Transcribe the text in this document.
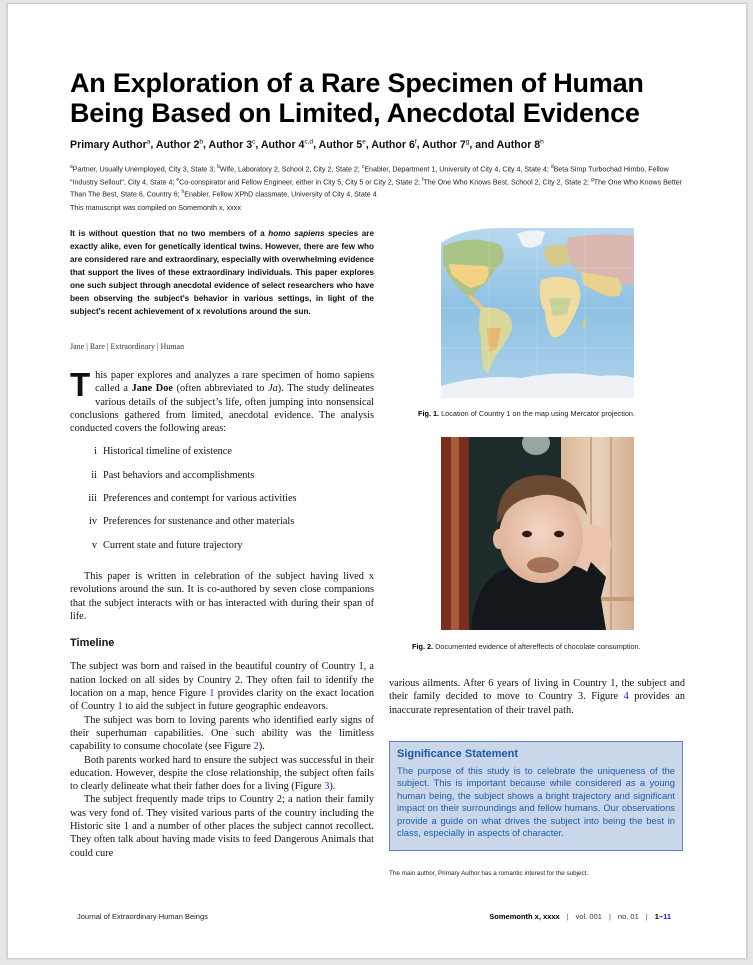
An Exploration of a Rare Specimen of Human Being Based on Limited, Anecdotal Evidence
Primary Author$^a$, Author 2$^b$, Author 3$^c$, Author 4$^{c,d}$, Author 5e, Author 6$^f$, Author 7$^g$, and Author 8$^h$
$^a$Partner, Usually Unemployed, City 3, State 3; $^b$Wife, Laboratory 2, School 2, City 2, State 2; $^c$Enabler, Department 1, University of City 4, City 4, State 4; $^d$Beta Simp Turbochad Himbo, Fellow "Industry Sellout", City 4, State 4; $^e$Co-conspirator and Fellow Engineer, either in City 5, City 5 or City 2, State 2; $^f$The One Who Knows Best, School 2, City 2, State 2; $^g$The One Who Knows Better Than The Best, State 6, Country 6; $^h$Enabler, Fellow XPhD classmate, University of City 4, State 4
This manuscript was compiled on Somemonth x, xxxx
It is without question that no two members of a homo sapiens species are exactly alike, even for genetically identical twins. However, there are few who are considered rare and extraordinary, especially with overwhelming evidence that support the lives of these extraordinary individuals. This paper explores one such subject through anecdotal evidence of select researchers who have been observing the subject's behavior in various settings, in light of the subject's recent achievement of x revolutions around the sun.
Jane | Rare | Extraordinary | Human

This paper explores and analyzes a rare specimen of homo sapiens called a Jane Doe (often abbreviated to Ja). The study delineates various details of the subject’s life, often jumping into nonsensical conclusions gathered from limited, anecdotal evidence. The analysis conducted covers the following areas:

i Historical timeline of existence
ii Past behaviors and accomplishments
iii Preferences and contempt for various activities
iv Preferences for sustenance and other materials
v Current state and future trajectory

This paper is written in celebration of the subject having lived x revolutions around the sun. It is co-authored by seven close companions that the subject interacts with or has interacted with during their span of life.

Timeline

The subject was born and raised in the beautiful country of Country 1, a nation locked on all sides by Country 2. They often fail to identify the location on a map, hence Figure 1 provides clarity on the exact location of Country 1 to aid the subject in future geographic endeavors.

The subject was born to loving parents who identified early signs of their superhuman capabilities. One such ability was the limitless capability to consume chocolate (see Figure 2).

Both parents worked hard to ensure the subject was successful in their education. However, despite the close relationship, the subject often fails to clearly delineate what their father does for a living (Figure 3).

The subject frequently made trips to Country 2; a nation their family was very fond of. They visited various parts of the country including the Historic site 1 and a number of other places the subject cannot recollect. They often talk about having made visits to feed Dangerous Animals that could cure

Fig. 1. Location of Country 1 on the map using Mercator projection.
Fig. 2. Documented evidence of aftereffects of chocolate consumption.

various ailments. After 6 years of living in Country 1, the subject and their family decided to move to Country 3. Figure 4 provides an inaccurate representation of their travel path.

Significance Statement

The purpose of this study is to celebrate the uniqueness of the subject. This is important because while considered as a young human being, the subject shows a bright trajectory and significant impact on their surroundings and fellow humans. Our observations provide a guide on what drives the subject into being the best in class, especially in aspects of character.

The main author, Primary Author has a romantic interest for the subject.
Journal of Extraordinary Human Beings	Somemonth x, xxxx | vol. 001 | no. 01 | 1–11
